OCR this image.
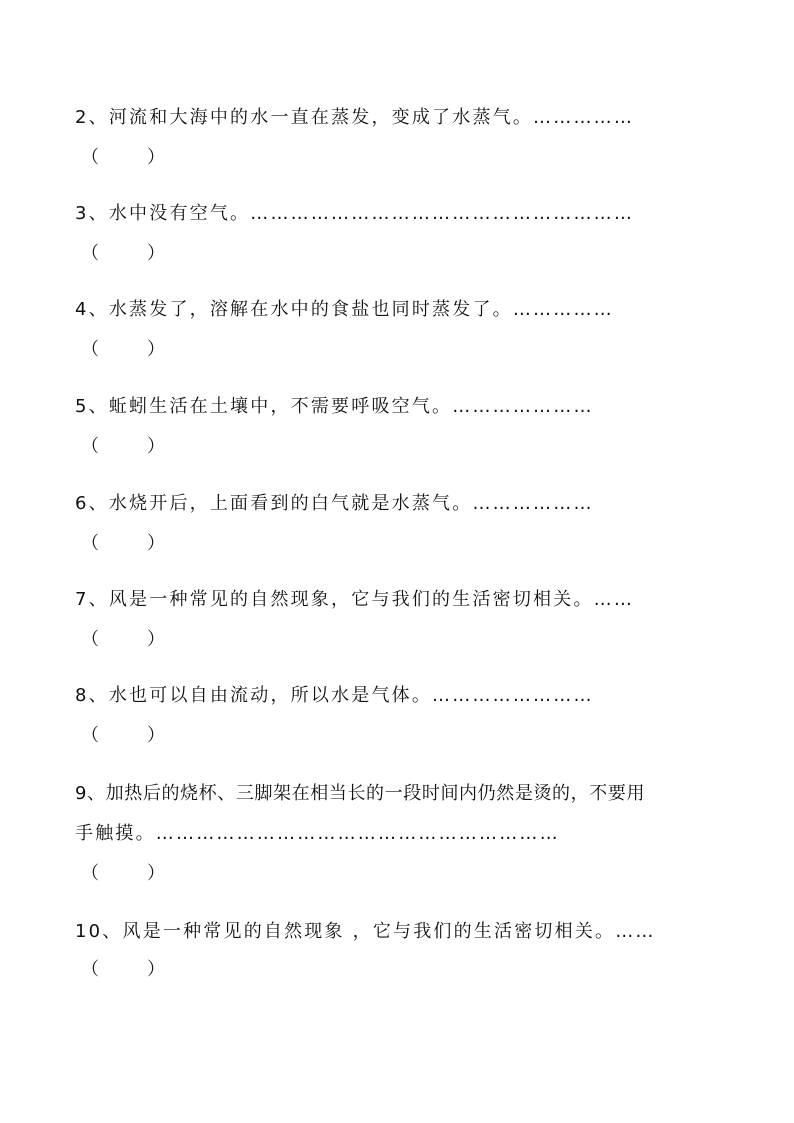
2、河流和大海中的水一直在蒸发，变成了水蒸气。……………
（	）
3、水中没有空气。…………………………………………………
（	）
4、水蒸发了，溶解在水中的食盐也同时蒸发了。……………
（	）
5、蚯蚓生活在土壤中，不需要呼吸空气。…………………
（	）
6、水烧开后，上面看到的白气就是水蒸气。………………
（	）
7、风是一种常见的自然现象，它与我们的生活密切相关。……
（	）
8、水也可以自由流动，所以水是气体。……………………
（	）
9、加热后的烧杯、三脚架在相当长的一段时间内仍然是烫的，不要用
手触摸。……………………………………………………
（	）
10、风是一种常见的自然现象 ，它与我们的生活密切相关。……
（	）
